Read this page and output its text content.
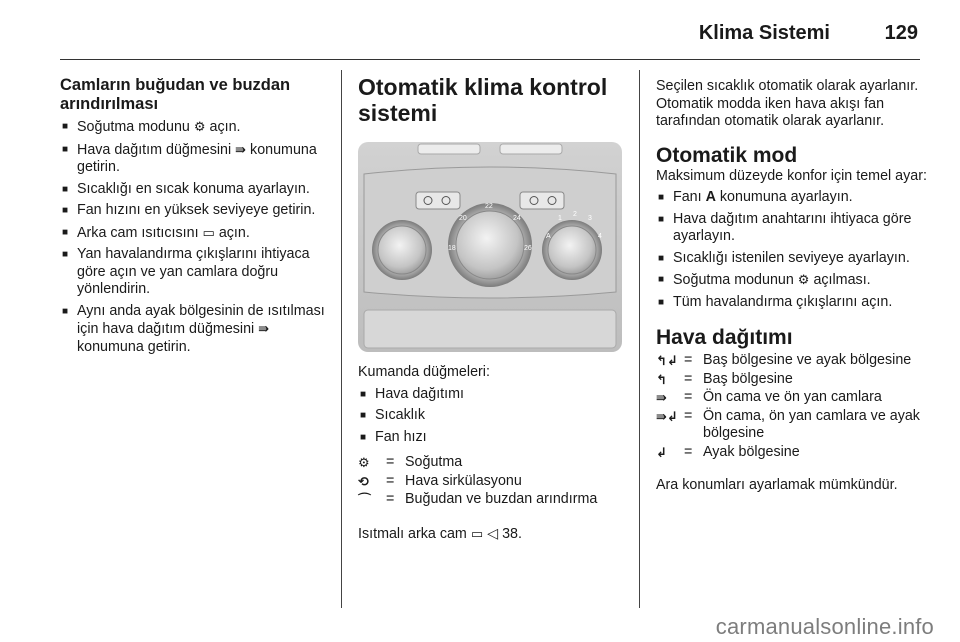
Klima Sistemi	129
Camların buğudan ve buzdan arındırılması
■ Soğutma modunu ⚙ açın.
■ Hava dağıtım düğmesini ⇛ konumuna getirin.
■ Sıcaklığı en sıcak konuma ayarlayın.
■ Fan hızını en yüksek seviyeye getirin.
■ Arka cam ısıtıcısını ▭ açın.
■ Yan havalandırma çıkışlarını ihtiyaca göre açın ve yan camlara doğru yönlendirin.
■ Aynı anda ayak bölgesinin de ısıtılması için hava dağıtım düğmesini ⇛ konumuna getirin.
Otomatik klima kontrol sistemi
20
22
24
18	26
1
2
3
4
A

Kumanda düğmeleri:

■ Hava dağıtımı
■ Sıcaklık
■ Fan hızı
⚙	= Soğutma
⟲	= Hava sirkülasyonu
⌒	= Buğudan ve buzdan arındırma

Isıtmalı arka cam ▭ ◁ 38.

Seçilen sıcaklık otomatik olarak ayarlanır. Otomatik modda iken hava akışı fan tarafından otomatik olarak ayarlanır.

Otomatik mod

Maksimum düzeyde konfor için temel ayar:

■ Fanı A konumuna ayarlayın.
■ Hava dağıtım anahtarını ihtiyaca göre ayarlayın.
■ Sıcaklığı istenilen seviyeye ayarlayın.
■ Soğutma modunun ⚙ açılması.
■ Tüm havalandırma çıkışlarını açın.
Hava dağıtımı
↰↲ = Baş bölgesine ve ayak bölgesine
↰	= Baş bölgesine
⇛	= Ön cama ve ön yan camlara
⇛↲ = Ön cama, ön yan camlara ve ayak bölgesine
↲	= Ayak bölgesine

Ara konumları ayarlamak mümkündür.

carmanualsonline.info
